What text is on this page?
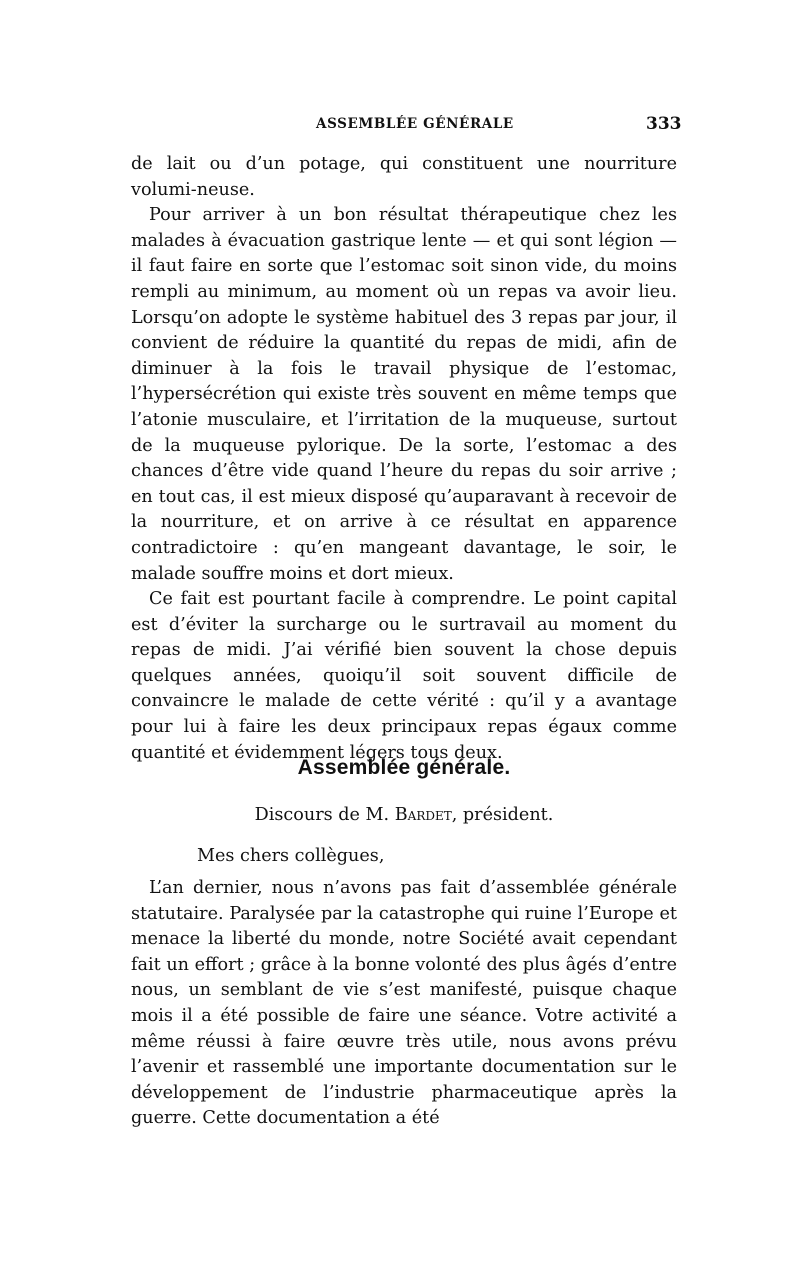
ASSEMBLÉE GÉNÉRALE	333

de lait ou d’un potage, qui constituent une nourriture volumi-neuse.

Pour arriver à un bon résultat thérapeutique chez les malades à évacuation gastrique lente — et qui sont légion — il faut faire en sorte que l’estomac soit sinon vide, du moins rempli au minimum, au moment où un repas va avoir lieu. Lorsqu’on adopte le système habituel des 3 repas par jour, il convient de réduire la quantité du repas de midi, afin de diminuer à la fois le travail physique de l’estomac, l’hypersécrétion qui existe très souvent en même temps que l’atonie musculaire, et l’irritation de la muqueuse, surtout de la muqueuse pylorique. De la sorte, l’estomac a des chances d’être vide quand l’heure du repas du soir arrive ; en tout cas, il est mieux disposé qu’auparavant à recevoir de la nourriture, et on arrive à ce résultat en apparence contradictoire : qu’en mangeant davantage, le soir, le malade souffre moins et dort mieux.

Ce fait est pourtant facile à comprendre. Le point capital est d’éviter la surcharge ou le surtravail au moment du repas de midi. J’ai vérifié bien souvent la chose depuis quelques années, quoiqu’il soit souvent difficile de convaincre le malade de cette vérité : qu’il y a avantage pour lui à faire les deux principaux repas égaux comme quantité et évidemment légers tous deux.

Assemblée générale.

Discours de M. Bardet, président.

Mes chers collègues,

L’an dernier, nous n’avons pas fait d’assemblée générale statutaire. Paralysée par la catastrophe qui ruine l’Europe et menace la liberté du monde, notre Société avait cependant fait un effort ; grâce à la bonne volonté des plus âgés d’entre nous, un semblant de vie s’est manifesté, puisque chaque mois il a été possible de faire une séance. Votre activité a même réussi à faire œuvre très utile, nous avons prévu l’avenir et rassemblé une importante documentation sur le développement de l’industrie pharmaceutique après la guerre. Cette documentation a été
